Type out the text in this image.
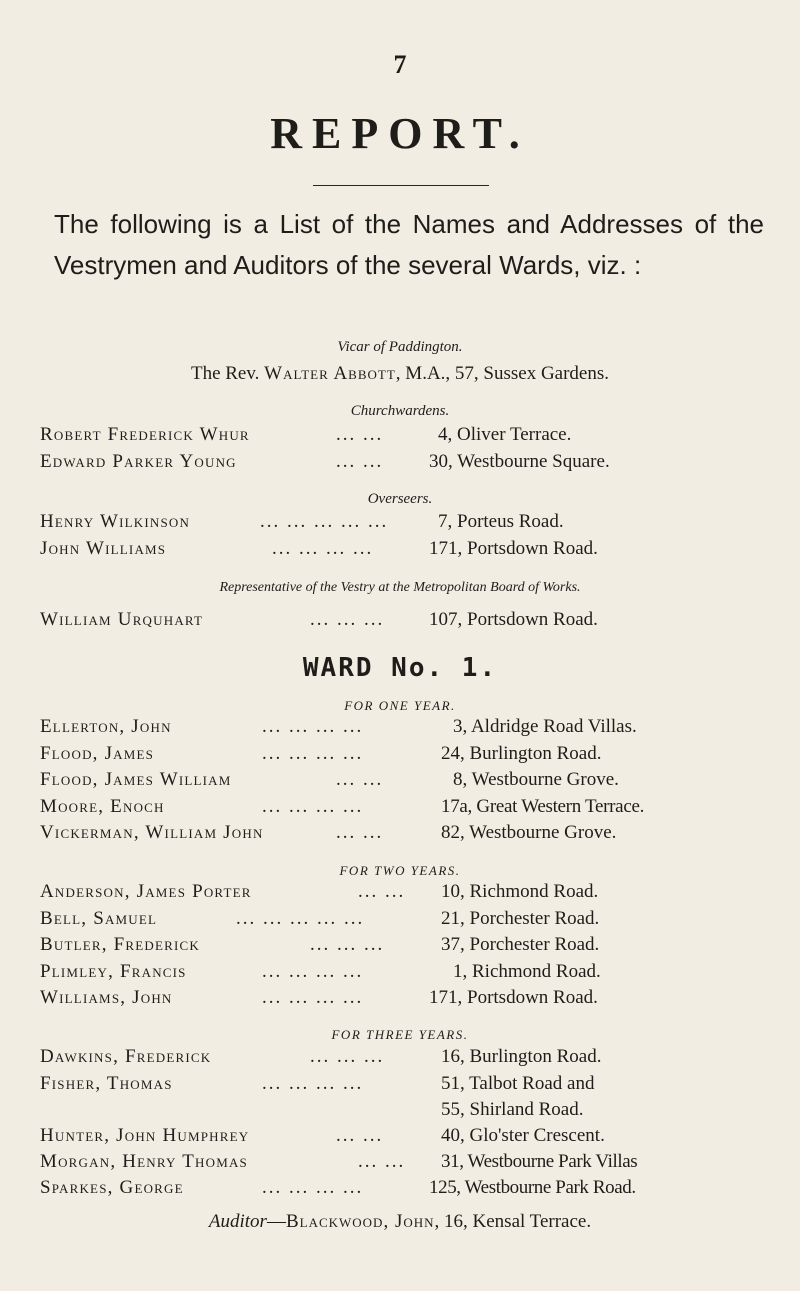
7
REPORT.
The following is a List of the Names and Addresses of the Vestrymen and Auditors of the several Wards, viz. :
Vicar of Paddington.
The Rev. Walter Abbott, M.A., 57, Sussex Gardens.
Churchwardens.
Robert Frederick Whur	... ...	4, Oliver Terrace.
Edward Parker Young	... ... 30, Westbourne Square.
Overseers.
Henry Wilkinson	... ... ... ... ...	7, Porteus Road.
John Williams	... ... ... ...	171, Portsdown Road.
Representative of the Vestry at the Metropolitan Board of Works.
William Urquhart	... ... ... 107, Portsdown Road.
WARD No. 1.
FOR ONE YEAR.
Ellerton, John	... ... ... ...	3, Aldridge Road Villas.
Flood, James	... ... ... ...	24, Burlington Road.
Flood, James William	... ...	8, Westbourne Grove.
Moore, Enoch	... ... ... ...	17a, Great Western Terrace.
Vickerman, William John	... ...	82, Westbourne Grove.
FOR TWO YEARS.
Anderson, James Porter	... ... 10, Richmond Road.
Bell, Samuel	... ... ... ... ...	21, Porchester Road.
Butler, Frederick	... ... ...	37, Porchester Road.
Plimley, Francis	... ... ... ...	1, Richmond Road.
Williams, John	... ... ... ...	171, Portsdown Road.
FOR THREE YEARS.
Dawkins, Frederick	... ... ...	16, Burlington Road.
Fisher, Thomas	... ... ... ...	51, Talbot Road and
55, Shirland Road.
Hunter, John Humphrey	... ...	40, Glo'ster Crescent.
Morgan, Henry Thomas	... ... 31, Westbourne Park Villas
Sparkes, George	... ... ... ...	125, Westbourne Park Road.
Auditor—Blackwood, John, 16, Kensal Terrace.
